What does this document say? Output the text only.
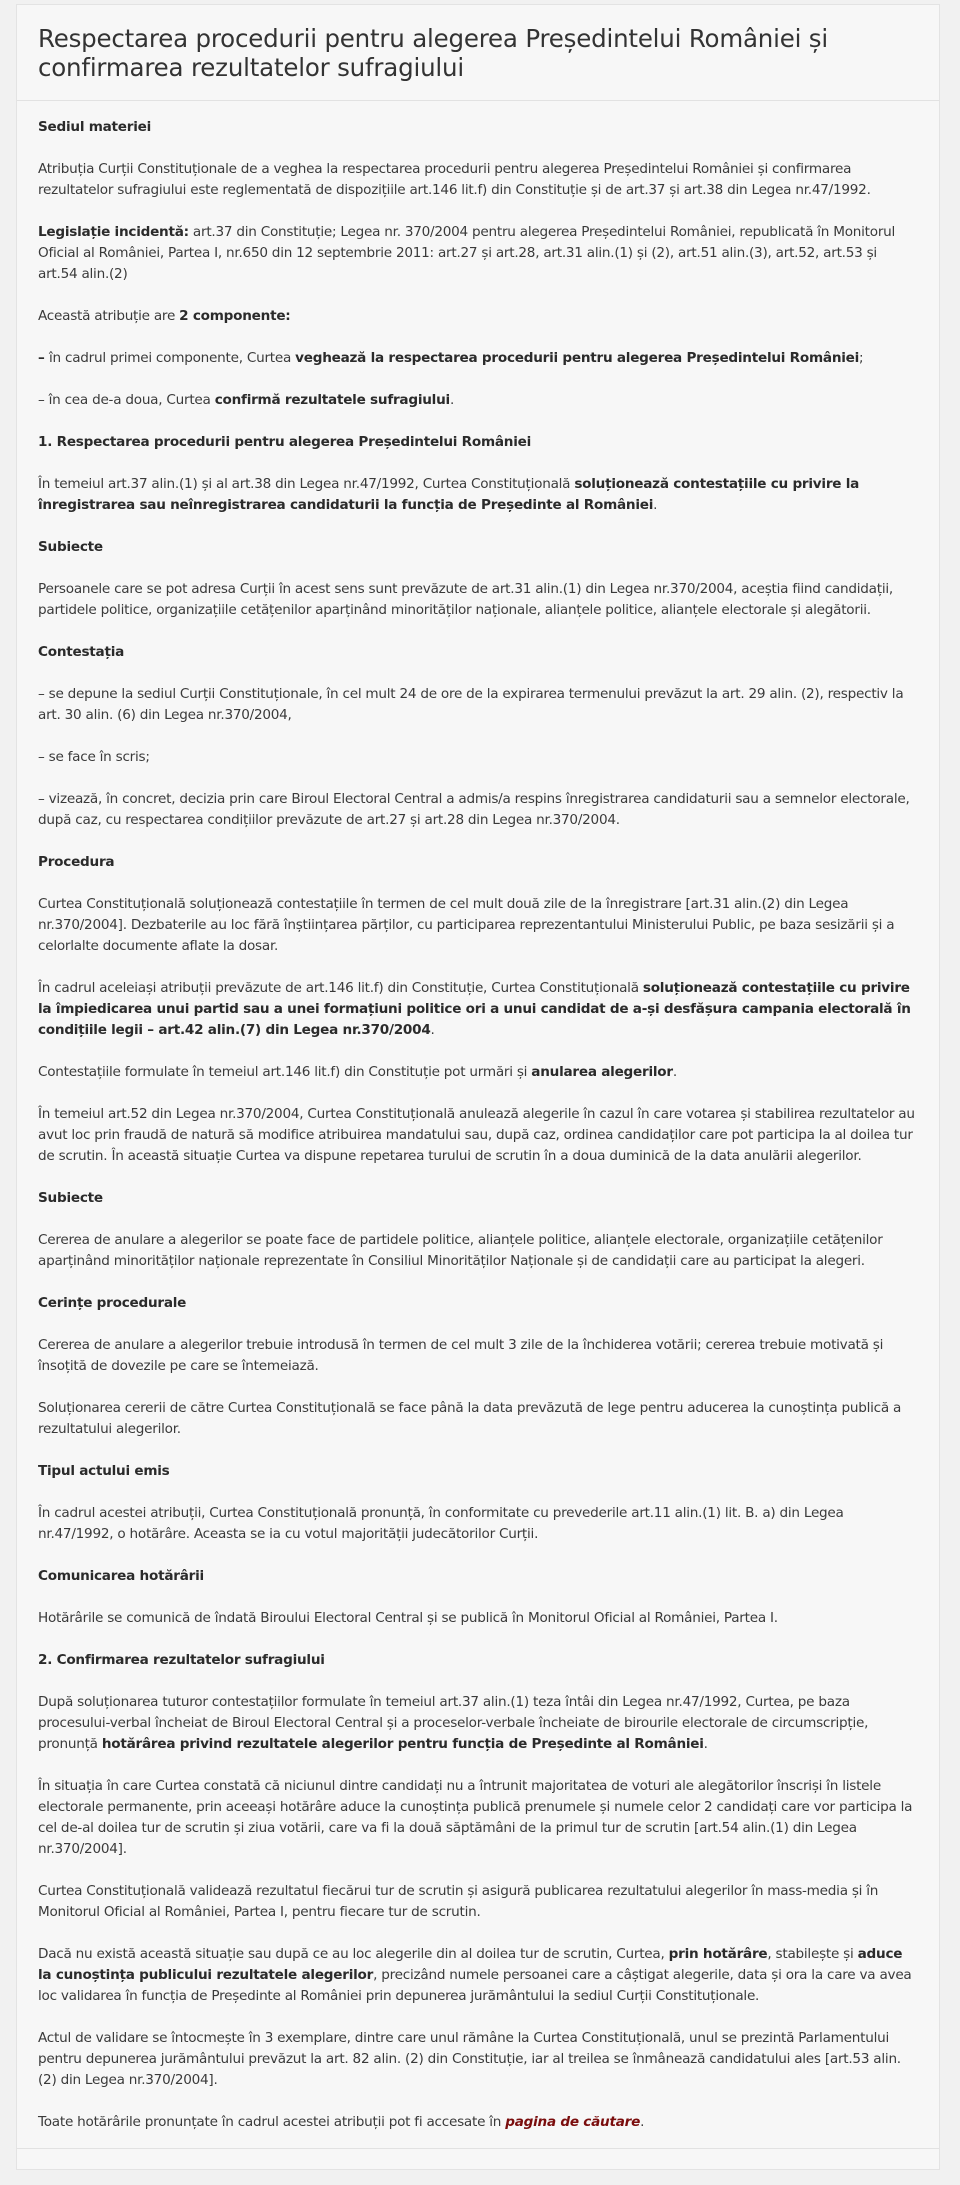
Respectarea procedurii pentru alegerea Președintelui României și confirmarea rezultatelor sufragiului

Sediul materiei

Atribuția Curții Constituționale de a veghea la respectarea procedurii pentru alegerea Președintelui României și confirmarea rezultatelor sufragiului este reglementată de dispozițiile art.146 lit.f) din Constituție și de art.37 și art.38 din Legea nr.47/1992.

Legislație incidentă: art.37 din Constituție; Legea nr. 370/2004 pentru alegerea Președintelui României, republicată în Monitorul Oficial al României, Partea I, nr.650 din 12 septembrie 2011: art.27 și art.28, art.31 alin.(1) și (2), art.51 alin.(3), art.52, art.53 și art.54 alin.(2)

Această atribuție are 2 componente:

– în cadrul primei componente, Curtea veghează la respectarea procedurii pentru alegerea Președintelui României;

– în cea de-a doua, Curtea confirmă rezultatele sufragiului.

1. Respectarea procedurii pentru alegerea Președintelui României

În temeiul art.37 alin.(1) și al art.38 din Legea nr.47/1992, Curtea Constituțională soluționează contestațiile cu privire la înregistrarea sau neînregistrarea candidaturii la funcția de Președinte al României.

Subiecte

Persoanele care se pot adresa Curții în acest sens sunt prevăzute de art.31 alin.(1) din Legea nr.370/2004, aceștia fiind candidații, partidele politice, organizațiile cetățenilor aparținând minorităților naționale, alianțele politice, alianțele electorale și alegătorii.

Contestația

– se depune la sediul Curții Constituționale, în cel mult 24 de ore de la expirarea termenului prevăzut la art. 29 alin. (2), respectiv la art. 30 alin. (6) din Legea nr.370/2004,

– se face în scris;

– vizează, în concret, decizia prin care Biroul Electoral Central a admis/a respins înregistrarea candidaturii sau a semnelor electorale, după caz, cu respectarea condițiilor prevăzute de art.27 și art.28 din Legea nr.370/2004.

Procedura

Curtea Constituțională soluționează contestațiile în termen de cel mult două zile de la înregistrare [art.31 alin.(2) din Legea nr.370/2004]. Dezbaterile au loc fără înștiințarea părților, cu participarea reprezentantului Ministerului Public, pe baza sesizării și a celorlalte documente aflate la dosar.

În cadrul aceleiași atribuții prevăzute de art.146 lit.f) din Constituție, Curtea Constituțională soluționează contestațiile cu privire la împiedicarea unui partid sau a unei formațiuni politice ori a unui candidat de a-și desfășura campania electorală în condițiile legii – art.42 alin.(7) din Legea nr.370/2004.

Contestațiile formulate în temeiul art.146 lit.f) din Constituție pot urmări și anularea alegerilor.

În temeiul art.52 din Legea nr.370/2004, Curtea Constituțională anulează alegerile în cazul în care votarea și stabilirea rezultatelor au avut loc prin fraudă de natură să modifice atribuirea mandatului sau, după caz, ordinea candidaților care pot participa la al doilea tur de scrutin. În această situație Curtea va dispune repetarea turului de scrutin în a doua duminică de la data anulării alegerilor.

Subiecte

Cererea de anulare a alegerilor se poate face de partidele politice, alianțele politice, alianțele electorale, organizațiile cetățenilor aparținând minorităților naționale reprezentate în Consiliul Minorităților Naționale și de candidații care au participat la alegeri.

Cerințe procedurale

Cererea de anulare a alegerilor trebuie introdusă în termen de cel mult 3 zile de la închiderea votării; cererea trebuie motivată și însoțită de dovezile pe care se întemeiază.

Soluționarea cererii de către Curtea Constituțională se face până la data prevăzută de lege pentru aducerea la cunoștința publică a rezultatului alegerilor.

Tipul actului emis

În cadrul acestei atribuții, Curtea Constituțională pronunță, în conformitate cu prevederile art.11 alin.(1) lit. B. a) din Legea nr.47/1992, o hotărâre. Aceasta se ia cu votul majorității judecătorilor Curții.

Comunicarea hotărârii

Hotărârile se comunică de îndată Biroului Electoral Central și se publică în Monitorul Oficial al României, Partea I.

2. Confirmarea rezultatelor sufragiului

După soluționarea tuturor contestațiilor formulate în temeiul art.37 alin.(1) teza întâi din Legea nr.47/1992, Curtea, pe baza procesului-verbal încheiat de Biroul Electoral Central și a proceselor-verbale încheiate de birourile electorale de circumscripție, pronunță hotărârea privind rezultatele alegerilor pentru funcția de Președinte al României.

În situația în care Curtea constată că niciunul dintre candidați nu a întrunit majoritatea de voturi ale alegătorilor înscriși în listele electorale permanente, prin aceeași hotărâre aduce la cunoștința publică prenumele și numele celor 2 candidați care vor participa la cel de-al doilea tur de scrutin și ziua votării, care va fi la două săptămâni de la primul tur de scrutin [art.54 alin.(1) din Legea nr.370/2004].

Curtea Constituțională validează rezultatul fiecărui tur de scrutin și asigură publicarea rezultatului alegerilor în mass-media și în Monitorul Oficial al României, Partea I, pentru fiecare tur de scrutin.

Dacă nu există această situație sau după ce au loc alegerile din al doilea tur de scrutin, Curtea, prin hotărâre, stabilește și aduce la cunoștința publicului rezultatele alegerilor, precizând numele persoanei care a câștigat alegerile, data și ora la care va avea loc validarea în funcția de Președinte al României prin depunerea jurământului la sediul Curții Constituționale.

Actul de validare se întocmește în 3 exemplare, dintre care unul rămâne la Curtea Constituțională, unul se prezintă Parlamentului pentru depunerea jurământului prevăzut la art. 82 alin. (2) din Constituție, iar al treilea se înmânează candidatului ales [art.53 alin.(2) din Legea nr.370/2004].

Toate hotărârile pronunțate în cadrul acestei atribuții pot fi accesate în pagina de căutare.
